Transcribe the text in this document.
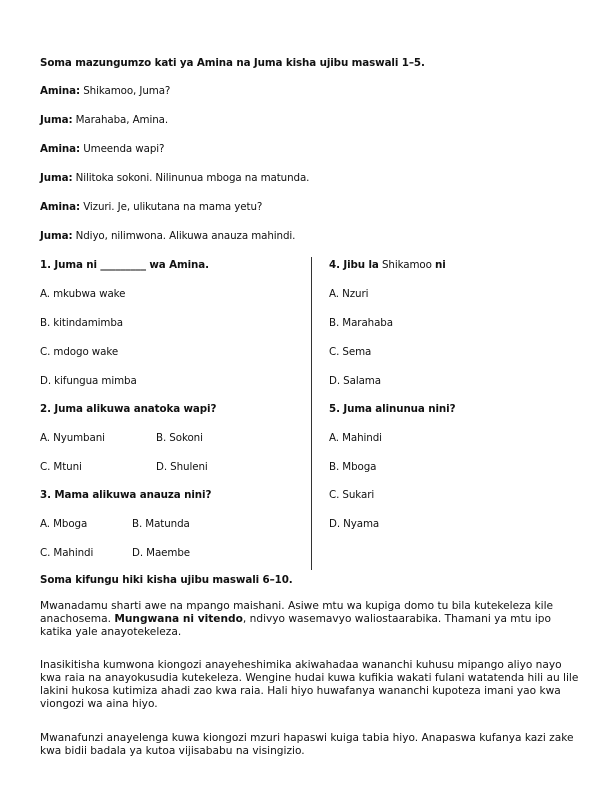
Soma mazungumzo kati ya Amina na Juma kisha ujibu maswali 1–5.
Amina: Shikamoo, Juma?
Juma: Marahaba, Amina.
Amina: Umeenda wapi?
Juma: Nilitoka sokoni. Nilinunua mboga na matunda.
Amina: Vizuri. Je, ulikutana na mama yetu?
Juma: Ndiyo, nilimwona. Alikuwa anauza mahindi.
1. Juma ni _________ wa Amina.
A. mkubwa wake
B. kitindamimba
C. mdogo wake
D. kifungua mimba
2. Juma alikuwa anatoka wapi?
A. Nyumbani	B. Sokoni
C. Mtuni	D. Shuleni
3. Mama alikuwa anauza nini?
A. Mboga	B. Matunda
C. Mahindi	D. Maembe
4. Jibu la Shikamoo ni
A. Nzuri
B. Marahaba
C. Sema
D. Salama
5. Juma alinunua nini?
A. Mahindi
B. Mboga
C. Sukari
D. Nyama
Soma kifungu hiki kisha ujibu maswali 6–10.
Mwanadamu sharti awe na mpango maishani. Asiwe mtu wa kupiga domo tu bila kutekeleza kile anachosema. Mungwana ni vitendo, ndivyo wasemavyo waliostaarabika. Thamani ya mtu ipo katika yale anayotekeleza.
Inasikitisha kumwona kiongozi anayeheshimika akiwahadaa wananchi kuhusu mipango aliyo nayo kwa raia na anayokusudia kutekeleza. Wengine hudai kuwa kufikia wakati fulani watatenda hili au lile lakini hukosa kutimiza ahadi zao kwa raia. Hali hiyo huwafanya wananchi kupoteza imani yao kwa viongozi wa aina hiyo.
Mwanafunzi anayelenga kuwa kiongozi mzuri hapaswi kuiga tabia hiyo. Anapaswa kufanya kazi zake kwa bidii badala ya kutoa vijisababu na visingizio.
